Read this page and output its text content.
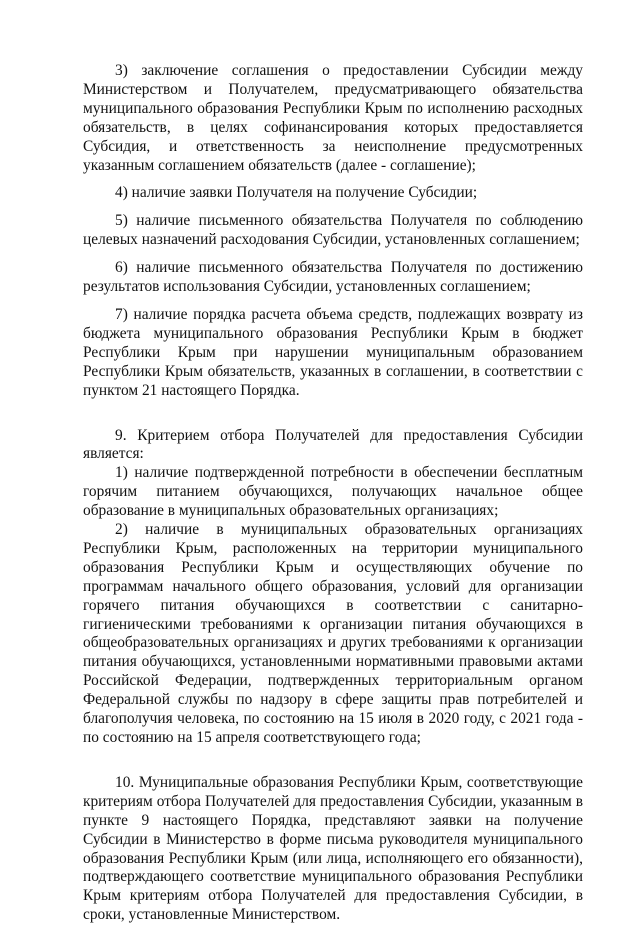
3) заключение соглашения о предоставлении Субсидии между Министерством и Получателем, предусматривающего обязательства муниципального образования Республики Крым по исполнению расходных обязательств, в целях софинансирования которых предоставляется Субсидия, и ответственность за неисполнение предусмотренных указанным соглашением обязательств (далее - соглашение);

4) наличие заявки Получателя на получение Субсидии;

5) наличие письменного обязательства Получателя по соблюдению целевых назначений расходования Субсидии, установленных соглашением;

6) наличие письменного обязательства Получателя по достижению результатов использования Субсидии, установленных соглашением;

7) наличие порядка расчета объема средств, подлежащих возврату из бюджета муниципального образования Республики Крым в бюджет Республики Крым при нарушении муниципальным образованием Республики Крым обязательств, указанных в соглашении, в соответствии с пунктом 21 настоящего Порядка.

9. Критерием отбора Получателей для предоставления Субсидии является:

1) наличие подтвержденной потребности в обеспечении бесплатным горячим питанием обучающихся, получающих начальное общее образование в муниципальных образовательных организациях;

2) наличие в муниципальных образовательных организациях Республики Крым, расположенных на территории муниципального образования Республики Крым и осуществляющих обучение по программам начального общего образования, условий для организации горячего питания обучающихся в соответствии с санитарно-гигиеническими требованиями к организации питания обучающихся в общеобразовательных организациях и других требованиями к организации питания обучающихся, установленными нормативными правовыми актами Российской Федерации, подтвержденных территориальным органом Федеральной службы по надзору в сфере защиты прав потребителей и благополучия человека, по состоянию на 15 июля в 2020 году, с 2021 года - по состоянию на 15 апреля соответствующего года;

10. Муниципальные образования Республики Крым, соответствующие критериям отбора Получателей для предоставления Субсидии, указанным в пункте 9 настоящего Порядка, представляют заявки на получение Субсидии в Министерство в форме письма руководителя муниципального образования Республики Крым (или лица, исполняющего его обязанности), подтверждающего соответствие муниципального образования Республики Крым критериям отбора Получателей для предоставления Субсидии, в сроки, установленные Министерством.
